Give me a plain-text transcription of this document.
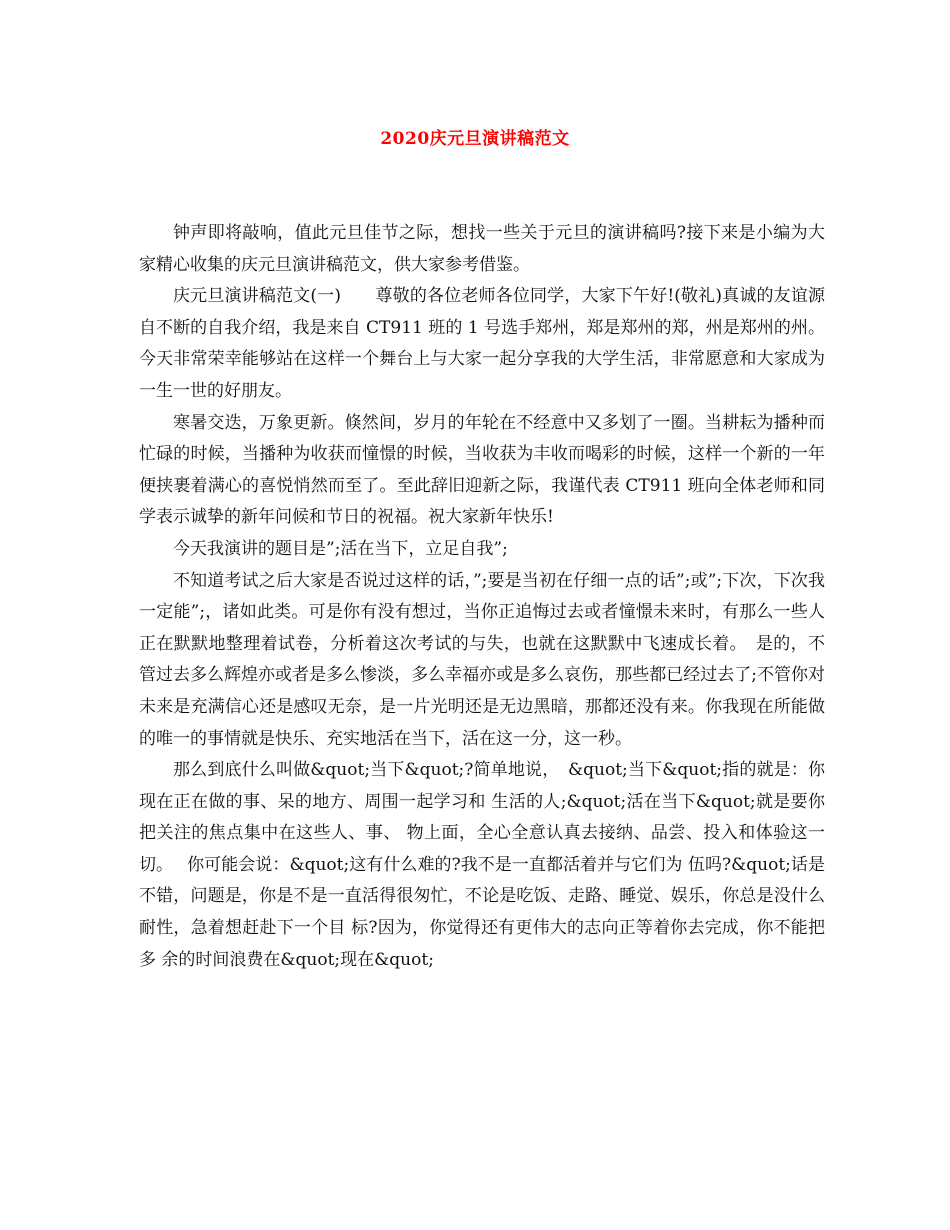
2020庆元旦演讲稿范文

钟声即将敲响，值此元旦佳节之际，想找一些关于元旦的演讲稿吗?接下来是小编为大家精心收集的庆元旦演讲稿范文，供大家参考借鉴。

庆元旦演讲稿范文(一)　　尊敬的各位老师各位同学，大家下午好!(敬礼)真诚的友谊源自不断的自我介绍，我是来自 CT911 班的 1 号选手郑州，郑是郑州的郑，州是郑州的州。今天非常荣幸能够站在这样一个舞台上与大家一起分享我的大学生活，非常愿意和大家成为一生一世的好朋友。

寒暑交迭，万象更新。倏然间，岁月的年轮在不经意中又多划了一圈。当耕耘为播种而忙碌的时候，当播种为收获而憧憬的时候，当收获为丰收而喝彩的时候，这样一个新的一年便挟裹着满心的喜悦悄然而至了。至此辞旧迎新之际，我谨代表 CT911 班向全体老师和同学表示诚挚的新年问候和节日的祝福。祝大家新年快乐!

今天我演讲的题目是”;活在当下，立足自我”;

不知道考试之后大家是否说过这样的话，”;要是当初在仔细一点的话”;或”;下次，下次我一定能”;，诸如此类。可是你有没有想过，当你正追悔过去或者憧憬未来时，有那么一些人正在默默地整理着试卷，分析着这次考试的与失，也就在这默默中飞速成长着。　是的，不管过去多么辉煌亦或者是多么惨淡，多么幸福亦或是多么哀伤，那些都已经过去了;不管你对未来是充满信心还是感叹无奈，是一片光明还是无边黑暗，那都还没有来。你我现在所能做的唯一的事情就是快乐、充实地活在当下，活在这一分，这一秒。

那么到底什么叫做&quot;当下&quot;?简单地说，　&quot;当下&quot;指的就是：你现在正在做的事、呆的地方、周围一起学习和 生活的人;&quot;活在当下&quot;就是要你把关注的焦点集中在这些人、事、 物上面，全心全意认真去接纳、品尝、投入和体验这一切。　 你可能会说：&quot;这有什么难的?我不是一直都活着并与它们为 伍吗?&quot;话是不错，问题是，你是不是一直活得很匆忙，不论是吃饭、走路、睡觉、娱乐，你总是没什么耐性，急着想赶赴下一个目 标?因为，你觉得还有更伟大的志向正等着你去完成，你不能把多 余的时间浪费在&quot;现在&quot;
